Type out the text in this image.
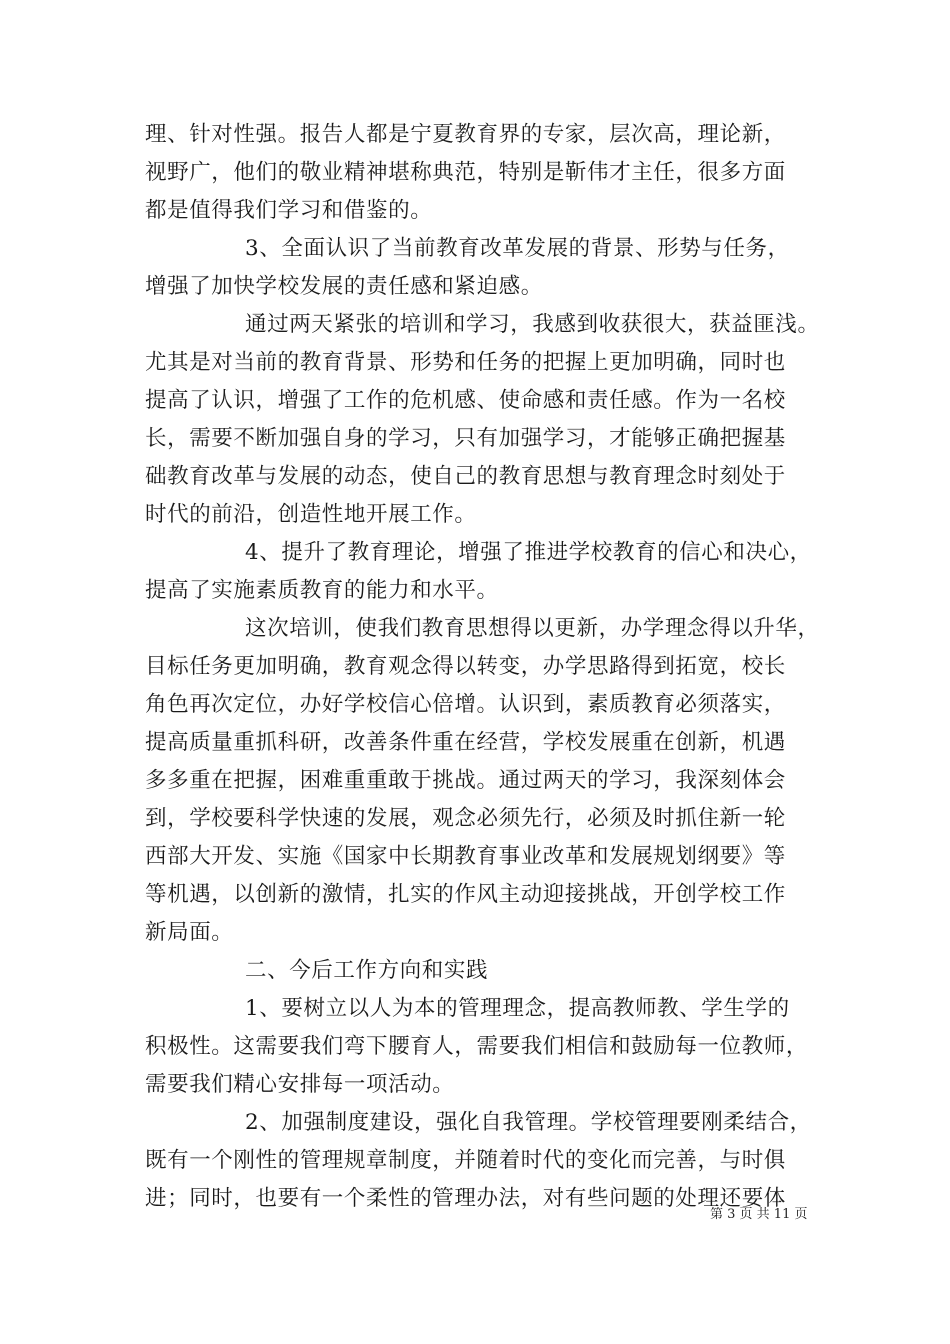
理、针对性强。报告人都是宁夏教育界的专家，层次高，理论新，
视野广，他们的敬业精神堪称典范，特别是靳伟才主任，很多方面
都是值得我们学习和借鉴的。
3、全面认识了当前教育改革发展的背景、形势与任务，
增强了加快学校发展的责任感和紧迫感。
通过两天紧张的培训和学习，我感到收获很大，获益匪浅。
尤其是对当前的教育背景、形势和任务的把握上更加明确，同时也
提高了认识，增强了工作的危机感、使命感和责任感。作为一名校
长，需要不断加强自身的学习，只有加强学习，才能够正确把握基
础教育改革与发展的动态，使自己的教育思想与教育理念时刻处于
时代的前沿，创造性地开展工作。
4、提升了教育理论，增强了推进学校教育的信心和决心，
提高了实施素质教育的能力和水平。
这次培训，使我们教育思想得以更新，办学理念得以升华，
目标任务更加明确，教育观念得以转变，办学思路得到拓宽，校长
角色再次定位，办好学校信心倍增。认识到，素质教育必须落实，
提高质量重抓科研，改善条件重在经营，学校发展重在创新，机遇
多多重在把握，困难重重敢于挑战。通过两天的学习，我深刻体会
到，学校要科学快速的发展，观念必须先行，必须及时抓住新一轮
西部大开发、实施《国家中长期教育事业改革和发展规划纲要》等
等机遇，以创新的激情，扎实的作风主动迎接挑战，开创学校工作
新局面。
二、今后工作方向和实践
1、要树立以人为本的管理理念，提高教师教、学生学的
积极性。这需要我们弯下腰育人，需要我们相信和鼓励每一位教师，
需要我们精心安排每一项活动。
2、加强制度建设，强化自我管理。学校管理要刚柔结合，
既有一个刚性的管理规章制度，并随着时代的变化而完善，与时俱
进；同时，也要有一个柔性的管理办法，对有些问题的处理还要体
第 3 页 共 11 页
